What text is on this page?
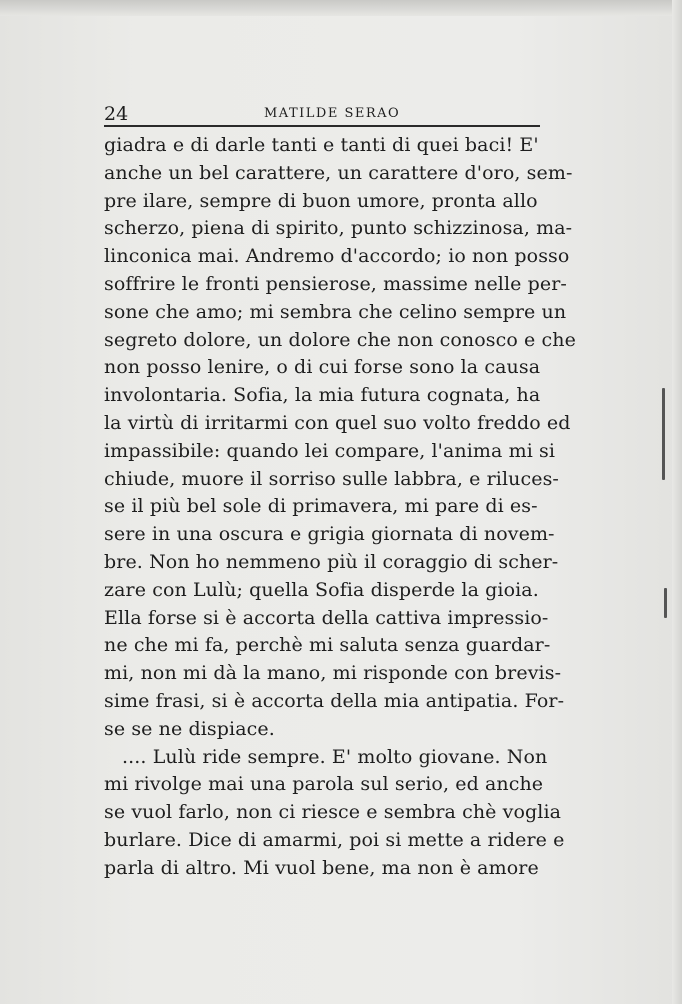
24	MATILDE SERAO
giadra e di darle tanti e tanti di quei baci! E'
anche un bel carattere, un carattere d'oro, sem-
pre ilare, sempre di buon umore, pronta allo
scherzo, piena di spirito, punto schizzinosa, ma-
linconica mai. Andremo d'accordo; io non posso
soffrire le fronti pensierose, massime nelle per-
sone che amo; mi sembra che celino sempre un
segreto dolore, un dolore che non conosco e che
non posso lenire, o di cui forse sono la causa
involontaria. Sofia, la mia futura cognata, ha
la virtù di irritarmi con quel suo volto freddo ed
impassibile: quando lei compare, l'anima mi si
chiude, muore il sorriso sulle labbra, e riluces-
se il più bel sole di primavera, mi pare di es-
sere in una oscura e grigia giornata di novem-
bre. Non ho nemmeno più il coraggio di scher-
zare con Lulù; quella Sofia disperde la gioia.
Ella forse si è accorta della cattiva impressio-
ne che mi fa, perchè mi saluta senza guardar-
mi, non mi dà la mano, mi risponde con brevis-
sime frasi, si è accorta della mia antipatia. For-
se se ne dispiace.
.... Lulù ride sempre. E' molto giovane. Non
mi rivolge mai una parola sul serio, ed anche
se vuol farlo, non ci riesce e sembra chè voglia
burlare. Dice di amarmi, poi si mette a ridere e
parla di altro. Mi vuol bene, ma non è amore
